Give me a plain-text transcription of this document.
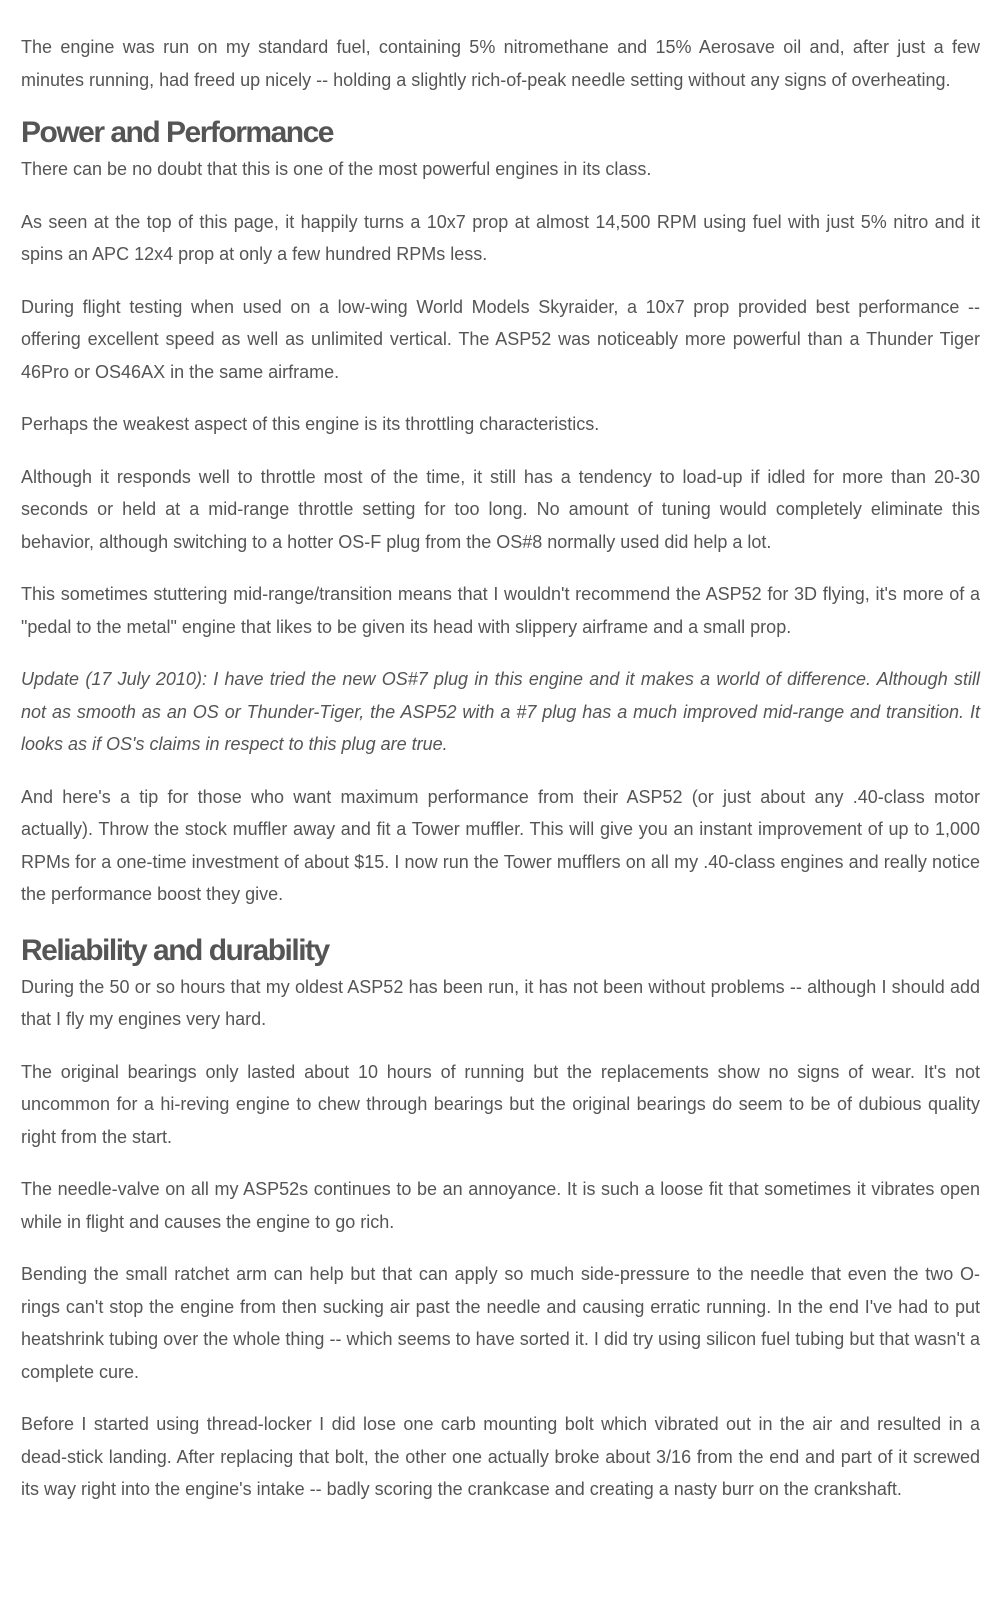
The engine was run on my standard fuel, containing 5% nitromethane and 15% Aerosave oil and, after just a few minutes running, had freed up nicely -- holding a slightly rich-of-peak needle setting without any signs of overheating.

Power and Performance

There can be no doubt that this is one of the most powerful engines in its class.

As seen at the top of this page, it happily turns a 10x7 prop at almost 14,500 RPM using fuel with just 5% nitro and it spins an APC 12x4 prop at only a few hundred RPMs less.

During flight testing when used on a low-wing World Models Skyraider, a 10x7 prop provided best performance -- offering excellent speed as well as unlimited vertical. The ASP52 was noticeably more powerful than a Thunder Tiger 46Pro or OS46AX in the same airframe.

Perhaps the weakest aspect of this engine is its throttling characteristics.

Although it responds well to throttle most of the time, it still has a tendency to load-up if idled for more than 20-30 seconds or held at a mid-range throttle setting for too long. No amount of tuning would completely eliminate this behavior, although switching to a hotter OS-F plug from the OS#8 normally used did help a lot.

This sometimes stuttering mid-range/transition means that I wouldn't recommend the ASP52 for 3D flying, it's more of a "pedal to the metal" engine that likes to be given its head with slippery airframe and a small prop.

Update (17 July 2010): I have tried the new OS#7 plug in this engine and it makes a world of difference. Although still not as smooth as an OS or Thunder-Tiger, the ASP52 with a #7 plug has a much improved mid-range and transition. It looks as if OS's claims in respect to this plug are true.

And here's a tip for those who want maximum performance from their ASP52 (or just about any .40-class motor actually). Throw the stock muffler away and fit a Tower muffler. This will give you an instant improvement of up to 1,000 RPMs for a one-time investment of about $15. I now run the Tower mufflers on all my .40-class engines and really notice the performance boost they give.

Reliability and durability

During the 50 or so hours that my oldest ASP52 has been run, it has not been without problems -- although I should add that I fly my engines very hard.

The original bearings only lasted about 10 hours of running but the replacements show no signs of wear. It's not uncommon for a hi-reving engine to chew through bearings but the original bearings do seem to be of dubious quality right from the start.

The needle-valve on all my ASP52s continues to be an annoyance. It is such a loose fit that sometimes it vibrates open while in flight and causes the engine to go rich.

Bending the small ratchet arm can help but that can apply so much side-pressure to the needle that even the two O-rings can't stop the engine from then sucking air past the needle and causing erratic running. In the end I've had to put heatshrink tubing over the whole thing -- which seems to have sorted it. I did try using silicon fuel tubing but that wasn't a complete cure.

Before I started using thread-locker I did lose one carb mounting bolt which vibrated out in the air and resulted in a dead-stick landing. After replacing that bolt, the other one actually broke about 3/16 from the end and part of it screwed its way right into the engine's intake -- badly scoring the crankcase and creating a nasty burr on the crankshaft.
